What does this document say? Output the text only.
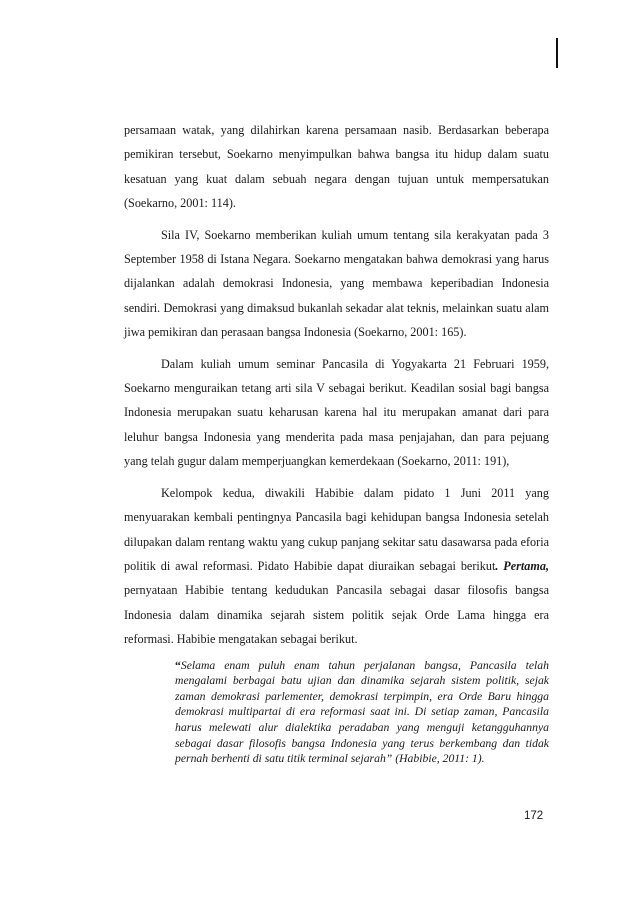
persamaan watak, yang dilahirkan karena persamaan nasib. Berdasarkan beberapa pemikiran tersebut, Soekarno menyimpulkan bahwa bangsa itu hidup dalam suatu kesatuan yang kuat dalam sebuah negara dengan tujuan untuk mempersatukan (Soekarno, 2001: 114).

Sila IV, Soekarno memberikan kuliah umum tentang sila kerakyatan pada 3 September 1958 di Istana Negara. Soekarno mengatakan bahwa demokrasi yang harus dijalankan adalah demokrasi Indonesia, yang membawa keperibadian Indonesia sendiri. Demokrasi yang dimaksud bukanlah sekadar alat teknis, melainkan suatu alam jiwa pemikiran dan perasaan bangsa Indonesia (Soekarno, 2001: 165).

Dalam kuliah umum seminar Pancasila di Yogyakarta 21 Februari 1959, Soekarno menguraikan tetang arti sila V sebagai berikut. Keadilan sosial bagi bangsa Indonesia merupakan suatu keharusan karena hal itu merupakan amanat dari para leluhur bangsa Indonesia yang menderita pada masa penjajahan, dan para pejuang yang telah gugur dalam memperjuangkan kemerdekaan (Soekarno, 2011: 191),

Kelompok kedua, diwakili Habibie dalam pidato 1 Juni 2011 yang menyuarakan kembali pentingnya Pancasila bagi kehidupan bangsa Indonesia setelah dilupakan dalam rentang waktu yang cukup panjang sekitar satu dasawarsa pada eforia politik di awal reformasi. Pidato Habibie dapat diuraikan sebagai berikut. Pertama, pernyataan Habibie tentang kedudukan Pancasila sebagai dasar filosofis bangsa Indonesia dalam dinamika sejarah sistem politik sejak Orde Lama hingga era reformasi. Habibie mengatakan sebagai berikut.

“Selama enam puluh enam tahun perjalanan bangsa, Pancasila telah mengalami berbagai batu ujian dan dinamika sejarah sistem politik, sejak zaman demokrasi parlementer, demokrasi terpimpin, era Orde Baru hingga demokrasi multipartai di era reformasi saat ini. Di setiap zaman, Pancasila harus melewati alur dialektika peradaban yang menguji ketangguhannya sebagai dasar filosofis bangsa Indonesia yang terus berkembang dan tidak pernah berhenti di satu titik terminal sejarah” (Habibie, 2011: 1).

172
